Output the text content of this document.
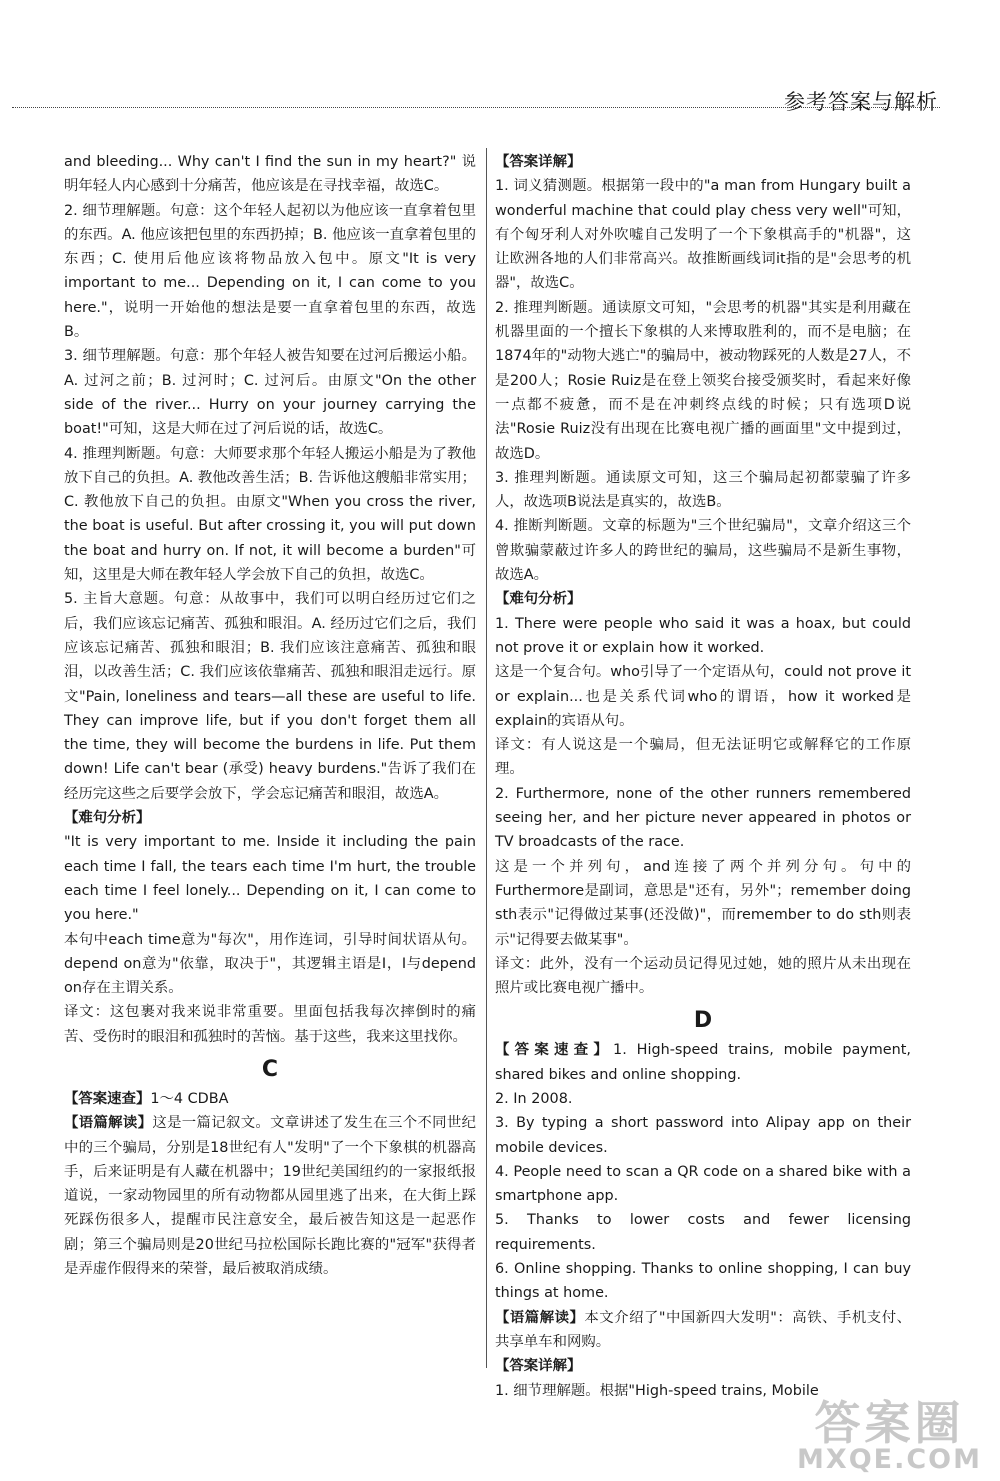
参考答案与解析
and bleeding... Why can't I find the sun in my heart?" 说明年轻人内心感到十分痛苦，他应该是在寻找幸福，故选C。
2. 细节理解题。句意：这个年轻人起初以为他应该一直拿着包里的东西。A. 他应该把包里的东西扔掉；B. 他应该一直拿着包里的东西；C. 使用后他应该将物品放入包中。原文"It is very important to me... Depending on it, I can come to you here."，说明一开始他的想法是要一直拿着包里的东西，故选B。
3. 细节理解题。句意：那个年轻人被告知要在过河后搬运小船。A. 过河之前；B. 过河时；C. 过河后。由原文"On the other side of the river... Hurry on your journey carrying the boat!"可知，这是大师在过了河后说的话，故选C。
4. 推理判断题。句意：大师要求那个年轻人搬运小船是为了教他放下自己的负担。A. 教他改善生活；B. 告诉他这艘船非常实用；C. 教他放下自己的负担。由原文"When you cross the river, the boat is useful. But after crossing it, you will put down the boat and hurry on. If not, it will become a burden"可知，这里是大师在教年轻人学会放下自己的负担，故选C。
5. 主旨大意题。句意：从故事中，我们可以明白经历过它们之后，我们应该忘记痛苦、孤独和眼泪。A. 经历过它们之后，我们应该忘记痛苦、孤独和眼泪；B. 我们应该注意痛苦、孤独和眼泪，以改善生活；C. 我们应该依靠痛苦、孤独和眼泪走远行。原文"Pain, loneliness and tears—all these are useful to life. They can improve life, but if you don't forget them all the time, they will become the burdens in life. Put them down! Life can't bear (承受) heavy burdens."告诉了我们在经历完这些之后要学会放下，学会忘记痛苦和眼泪，故选A。
【难句分析】
"It is very important to me. Inside it including the pain each time I fall, the tears each time I'm hurt, the trouble each time I feel lonely... Depending on it, I can come to you here."
本句中each time意为"每次"，用作连词，引导时间状语从句。depend on意为"依靠，取决于"，其逻辑主语是I，I与depend on存在主谓关系。
译文：这包裹对我来说非常重要。里面包括我每次摔倒时的痛苦、受伤时的眼泪和孤独时的苦恼。基于这些，我来这里找你。
C
【答案速查】1～4 CDBA
【语篇解读】这是一篇记叙文。文章讲述了发生在三个不同世纪中的三个骗局，分别是18世纪有人"发明"了一个下象棋的机器高手，后来证明是有人藏在机器中；19世纪美国纽约的一家报纸报道说，一家动物园里的所有动物都从园里逃了出来，在大街上踩死踩伤很多人，提醒市民注意安全，最后被告知这是一起恶作剧；第三个骗局则是20世纪马拉松国际长跑比赛的"冠军"获得者是弄虚作假得来的荣誉，最后被取消成绩。
【答案详解】
1. 词义猜测题。根据第一段中的"a man from Hungary built a wonderful machine that could play chess very well"可知，有个匈牙利人对外吹嘘自己发明了一个下象棋高手的"机器"，这让欧洲各地的人们非常高兴。故推断画线词it指的是"会思考的机器"，故选C。
2. 推理判断题。通读原文可知，"会思考的机器"其实是利用藏在机器里面的一个擅长下象棋的人来博取胜利的，而不是电脑；在1874年的"动物大逃亡"的骗局中，被动物踩死的人数是27人，不是200人；Rosie Ruiz是在登上领奖台接受颁奖时，看起来好像一点都不疲惫，而不是在冲刺终点线的时候；只有选项D说法"Rosie Ruiz没有出现在比赛电视广播的画面里"文中提到过，故选D。
3. 推理判断题。通读原文可知，这三个骗局起初都蒙骗了许多人，故选项B说法是真实的，故选B。
4. 推断判断题。文章的标题为"三个世纪骗局"，文章介绍这三个曾欺骗蒙蔽过许多人的跨世纪的骗局，这些骗局不是新生事物，故选A。
【难句分析】
1. There were people who said it was a hoax, but could not prove it or explain how it worked.
这是一个复合句。who引导了一个定语从句，could not prove it or explain...也是关系代词who的谓语，how it worked是explain的宾语从句。
译文：有人说这是一个骗局，但无法证明它或解释它的工作原理。
2. Furthermore, none of the other runners remembered seeing her, and her picture never appeared in photos or TV broadcasts of the race.
这是一个并列句，and连接了两个并列分句。句中的Furthermore是副词，意思是"还有，另外"；remember doing sth表示"记得做过某事(还没做)"，而remember to do sth则表示"记得要去做某事"。
译文：此外，没有一个运动员记得见过她，她的照片从未出现在照片或比赛电视广播中。
D
【答案速查】1. High-speed trains, mobile payment, shared bikes and online shopping.
2. In 2008.
3. By typing a short password into Alipay app on their mobile devices.
4. People need to scan a QR code on a shared bike with a smartphone app.
5. Thanks to lower costs and fewer licensing requirements.
6. Online shopping. Thanks to online shopping, I can buy things at home.
【语篇解读】本文介绍了"中国新四大发明"：高铁、手机支付、共享单车和网购。
【答案详解】
1. 细节理解题。根据"High-speed trains, Mobile
答案圈
MXQE.COM
